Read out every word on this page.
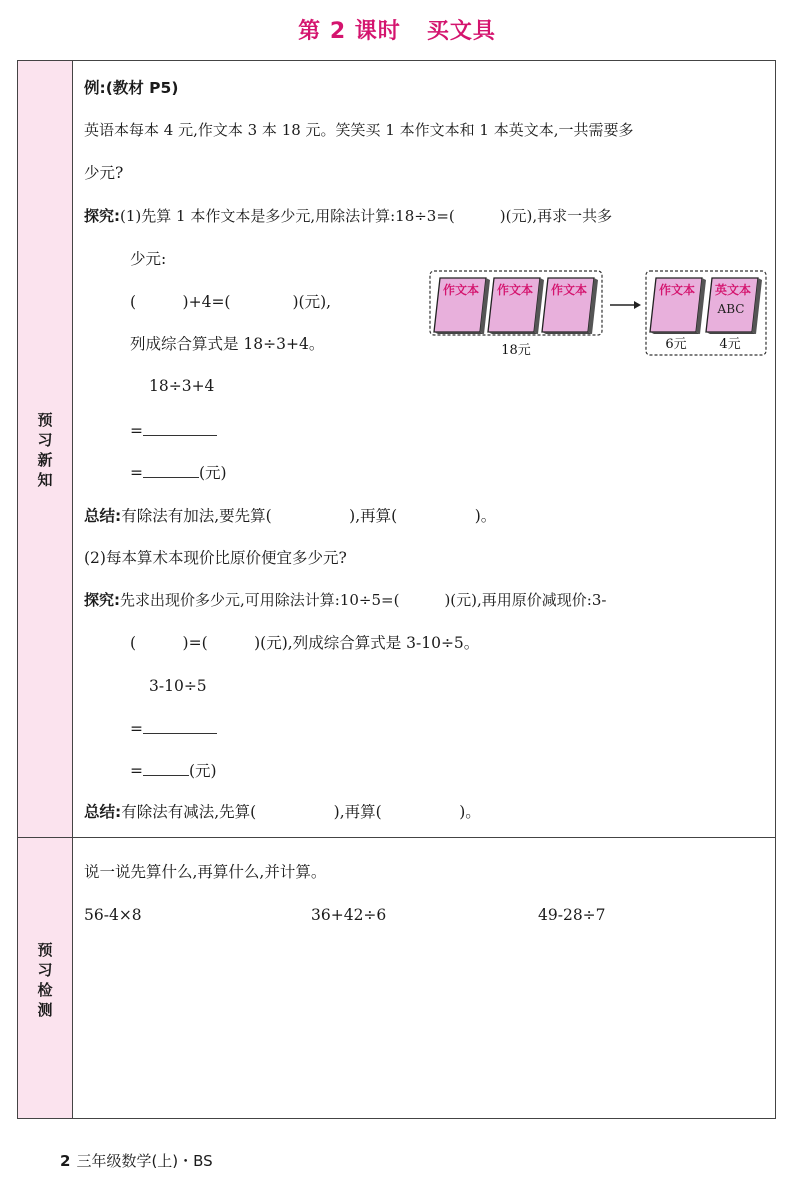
第 2 课时 买文具
预
习
新
知
预
习
检
测
例:(教材 P5)
英语本每本 4 元,作文本 3 本 18 元。笑笑买 1 本作文本和 1 本英文本,一共需要多
少元?
探究:(1)先算 1 本作文本是多少元,用除法计算:18÷3=(　　　)(元),再求一共多
少元:
(　　　)+4=(　　　　)(元),
列成综合算式是 18÷3+4。
18÷3+4
=
=	(元)
总结:有除法有加法,要先算(　　　　　),再算(　　　　　)。
(2)每本算术本现价比原价便宜多少元?
探究:先求出现价多少元,可用除法计算:10÷5=(　　　)(元),再用原价减现价:3-
(　　　)=(　　　)(元),列成综合算式是 3-10÷5。
3-10÷5
=
=	(元)
总结:有除法有减法,先算(　　　　　),再算(　　　　　)。
作文本 作文本 作文本
18元
作文本 英文本
ABC
6元	4元
说一说先算什么,再算什么,并计算。
56-4×8	36+42÷6	49-28÷7
2 三年级数学(上)・BS
